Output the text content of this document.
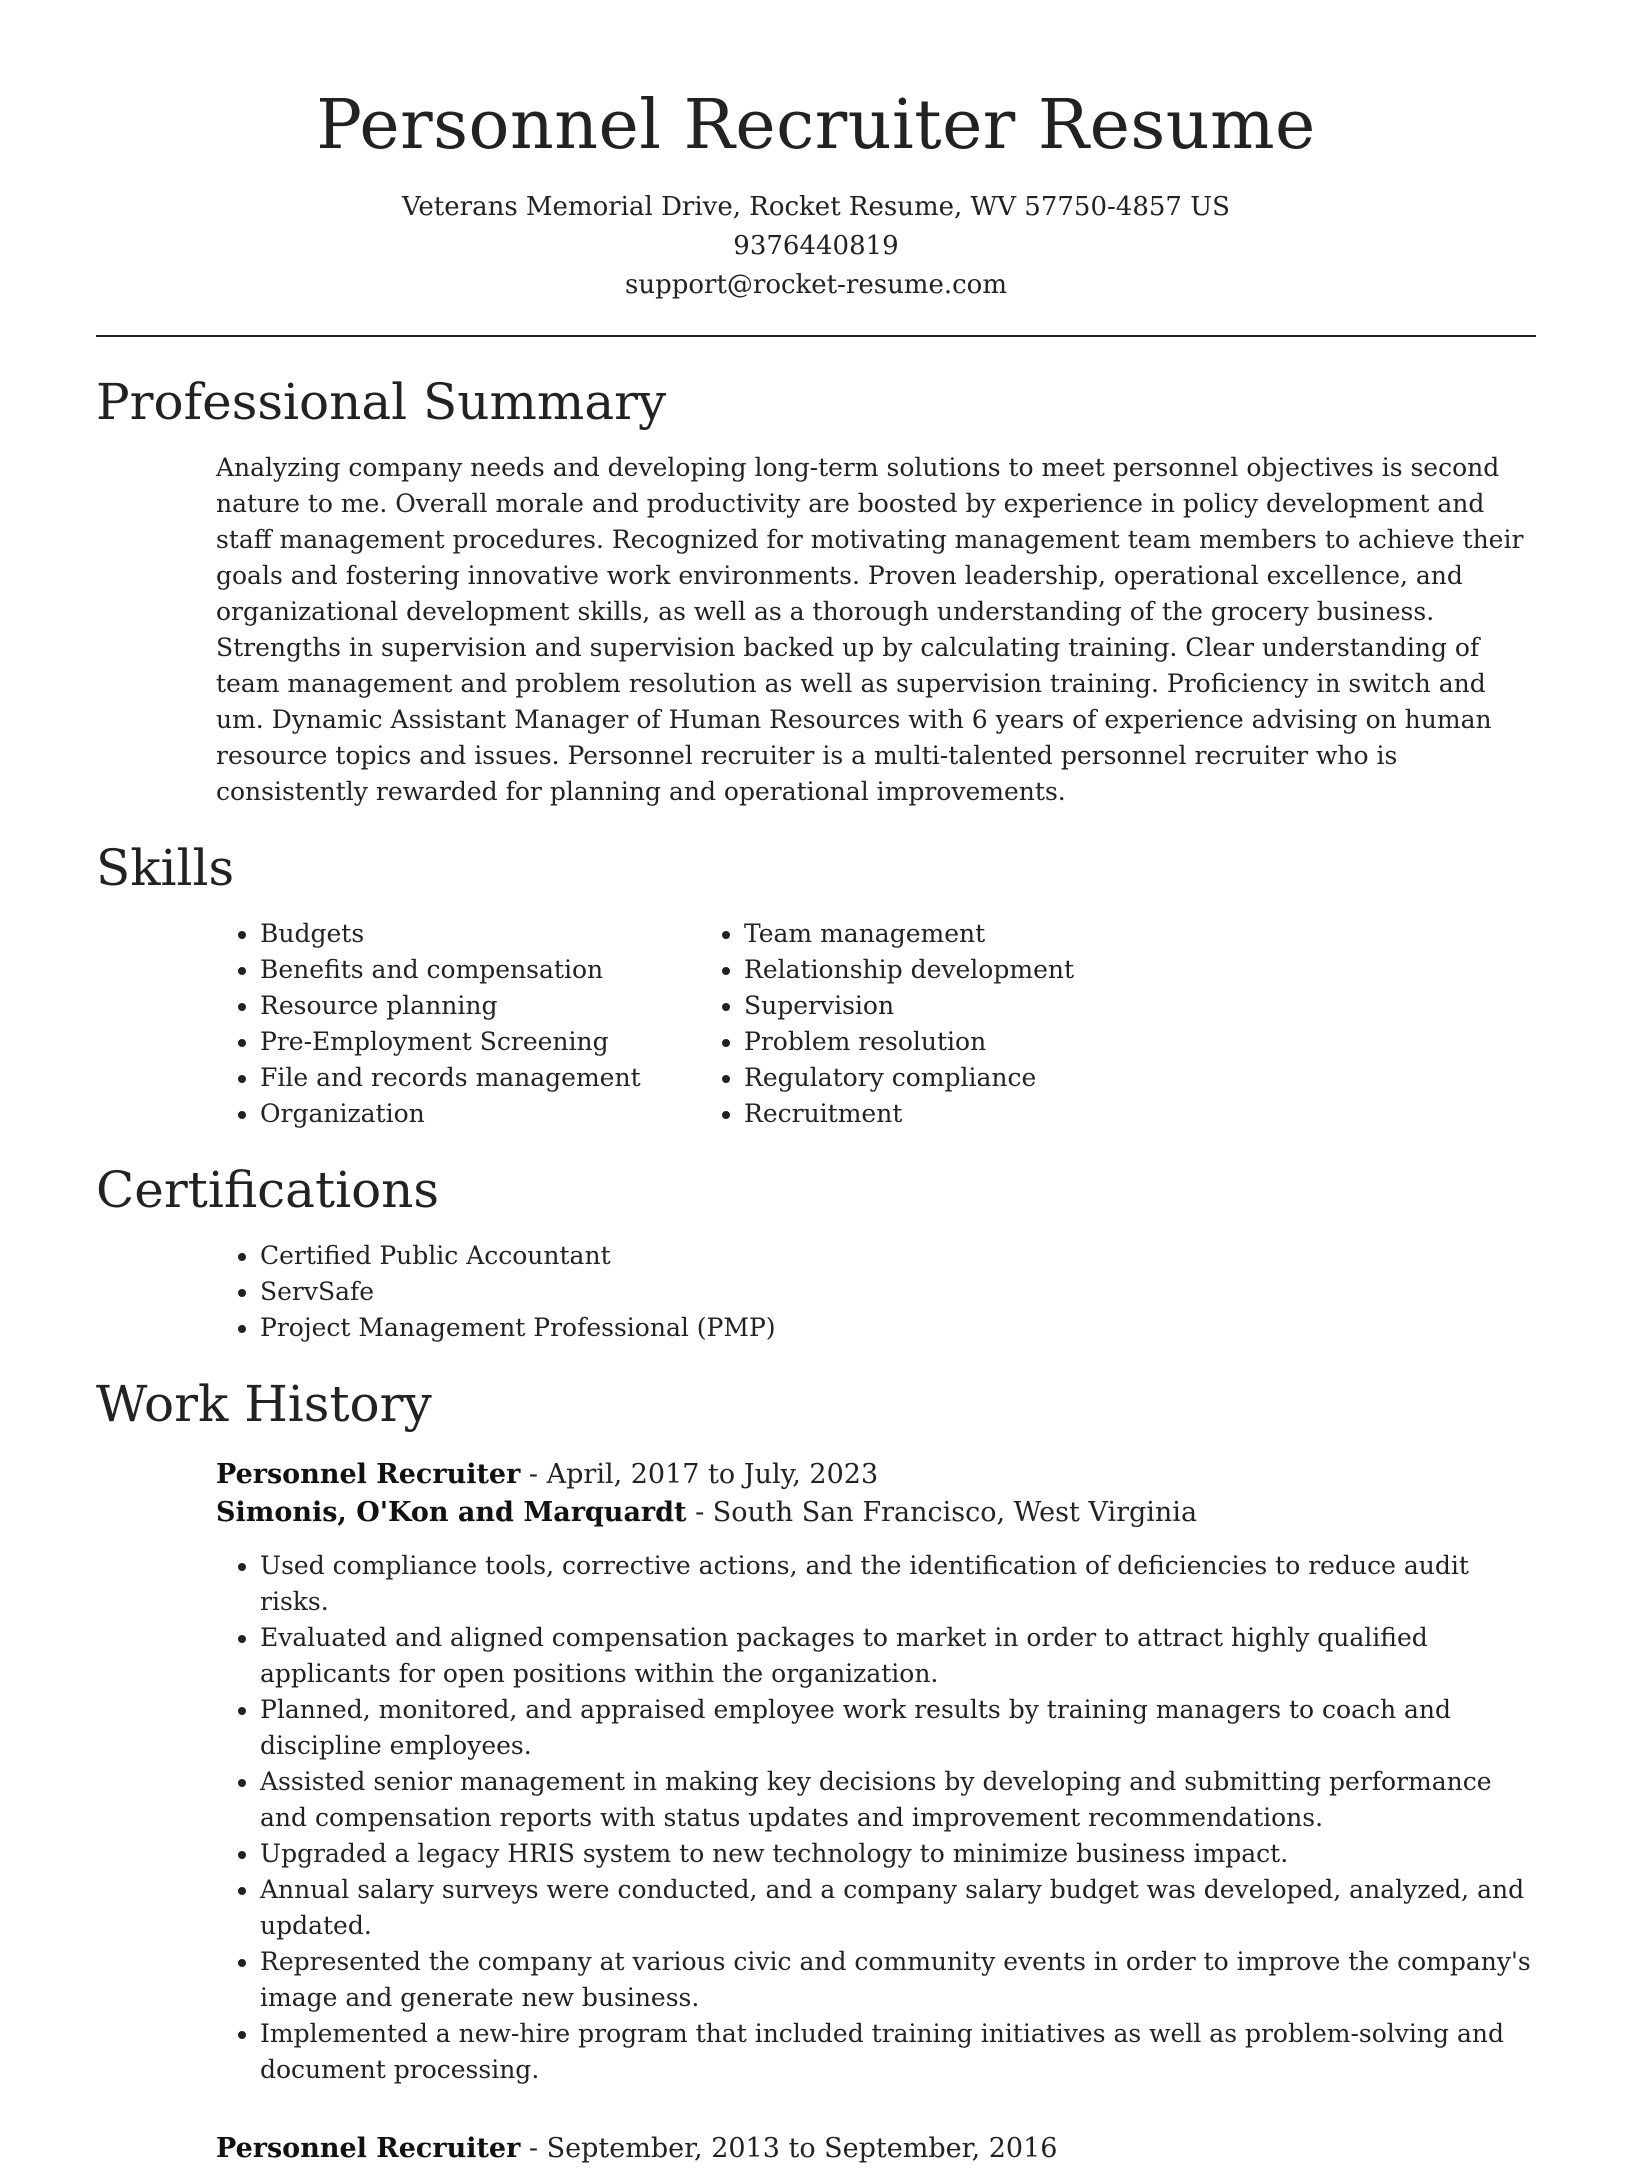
Personnel Recruiter Resume
Veterans Memorial Drive, Rocket Resume, WV 57750-4857 US
9376440819
support@rocket-resume.com
Professional Summary

Analyzing company needs and developing long-term solutions to meet personnel objectives is second nature to me. Overall morale and productivity are boosted by experience in policy development and staff management procedures. Recognized for motivating management team members to achieve their goals and fostering innovative work environments. Proven leadership, operational excellence, and organizational development skills, as well as a thorough understanding of the grocery business. Strengths in supervision and supervision backed up by calculating training. Clear understanding of team management and problem resolution as well as supervision training. Proficiency in switch and um. Dynamic Assistant Manager of Human Resources with 6 years of experience advising on human resource topics and issues. Personnel recruiter is a multi-talented personnel recruiter who is consistently rewarded for planning and operational improvements.

Skills
• Budgets
• Benefits and compensation
• Resource planning
• Pre-Employment Screening
• File and records management
• Organization
• Team management
• Relationship development
• Supervision
• Problem resolution
• Regulatory compliance
• Recruitment
Certifications
• Certified Public Accountant
• ServSafe
• Project Management Professional (PMP)
Work History
Personnel Recruiter - April, 2017 to July, 2023
Simonis, O'Kon and Marquardt - South San Francisco, West Virginia
• Used compliance tools, corrective actions, and the identification of deficiencies to reduce audit risks.
• Evaluated and aligned compensation packages to market in order to attract highly qualified applicants for open positions within the organization.
• Planned, monitored, and appraised employee work results by training managers to coach and discipline employees.
• Assisted senior management in making key decisions by developing and submitting performance and compensation reports with status updates and improvement recommendations.
• Upgraded a legacy HRIS system to new technology to minimize business impact.
• Annual salary surveys were conducted, and a company salary budget was developed, analyzed, and updated.
• Represented the company at various civic and community events in order to improve the company's image and generate new business.
• Implemented a new-hire program that included training initiatives as well as problem-solving and document processing.
Personnel Recruiter - September, 2013 to September, 2016
